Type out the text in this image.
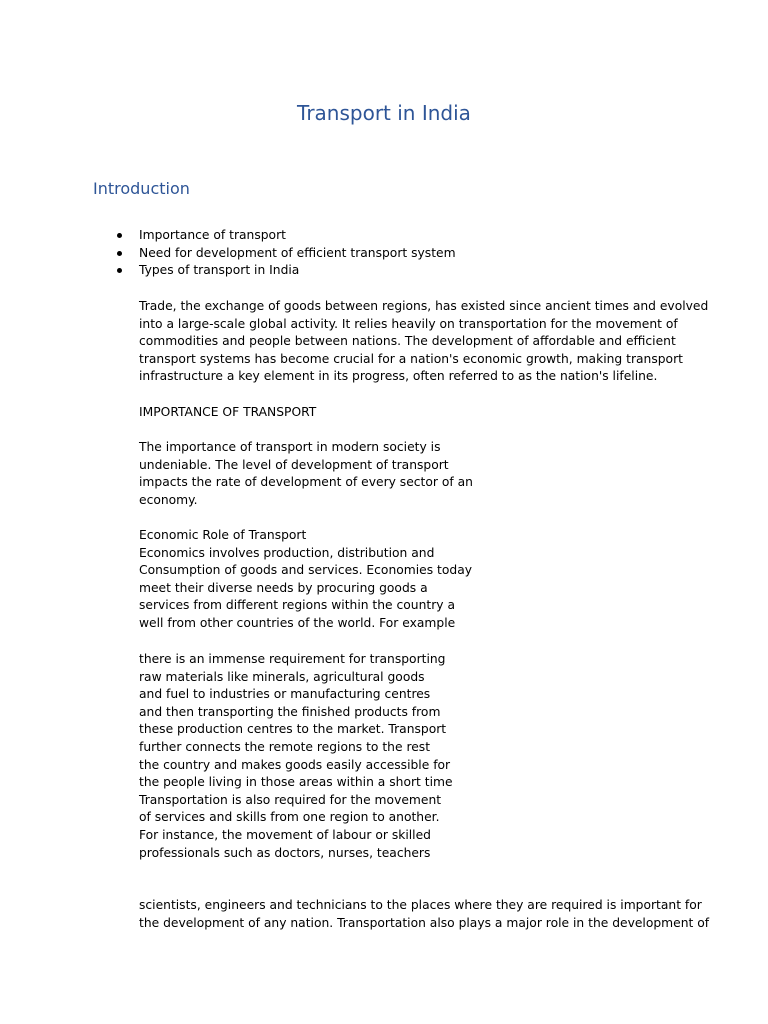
Transport in India
Introduction
Importance of transport
Need for development of efficient transport system
Types of transport in India

Trade, the exchange of goods between regions, has existed since ancient times and evolved
into a large-scale global activity. It relies heavily on transportation for the movement of
commodities and people between nations. The development of affordable and efficient
transport systems has become crucial for a nation's economic growth, making transport
infrastructure a key element in its progress, often referred to as the nation's lifeline.

IMPORTANCE OF TRANSPORT

The importance of transport in modern society is
undeniable. The level of development of transport
impacts the rate of development of every sector of an
economy.

Economic Role of Transport
Economics involves production, distribution and
Consumption of goods and services. Economies today
meet their diverse needs by procuring goods a
services from different regions within the country a
well from other countries of the world. For example

there is an immense requirement for transporting
raw materials like minerals, agricultural goods
and fuel to industries or manufacturing centres
and then transporting the finished products from
these production centres to the market. Transport
further connects the remote regions to the rest
the country and makes goods easily accessible for
the people living in those areas within a short time
Transportation is also required for the movement
of services and skills from one region to another.
For instance, the movement of labour or skilled
professionals such as doctors, nurses, teachers

scientists, engineers and technicians to the places where they are required is important for
the development of any nation. Transportation also plays a major role in the development of
